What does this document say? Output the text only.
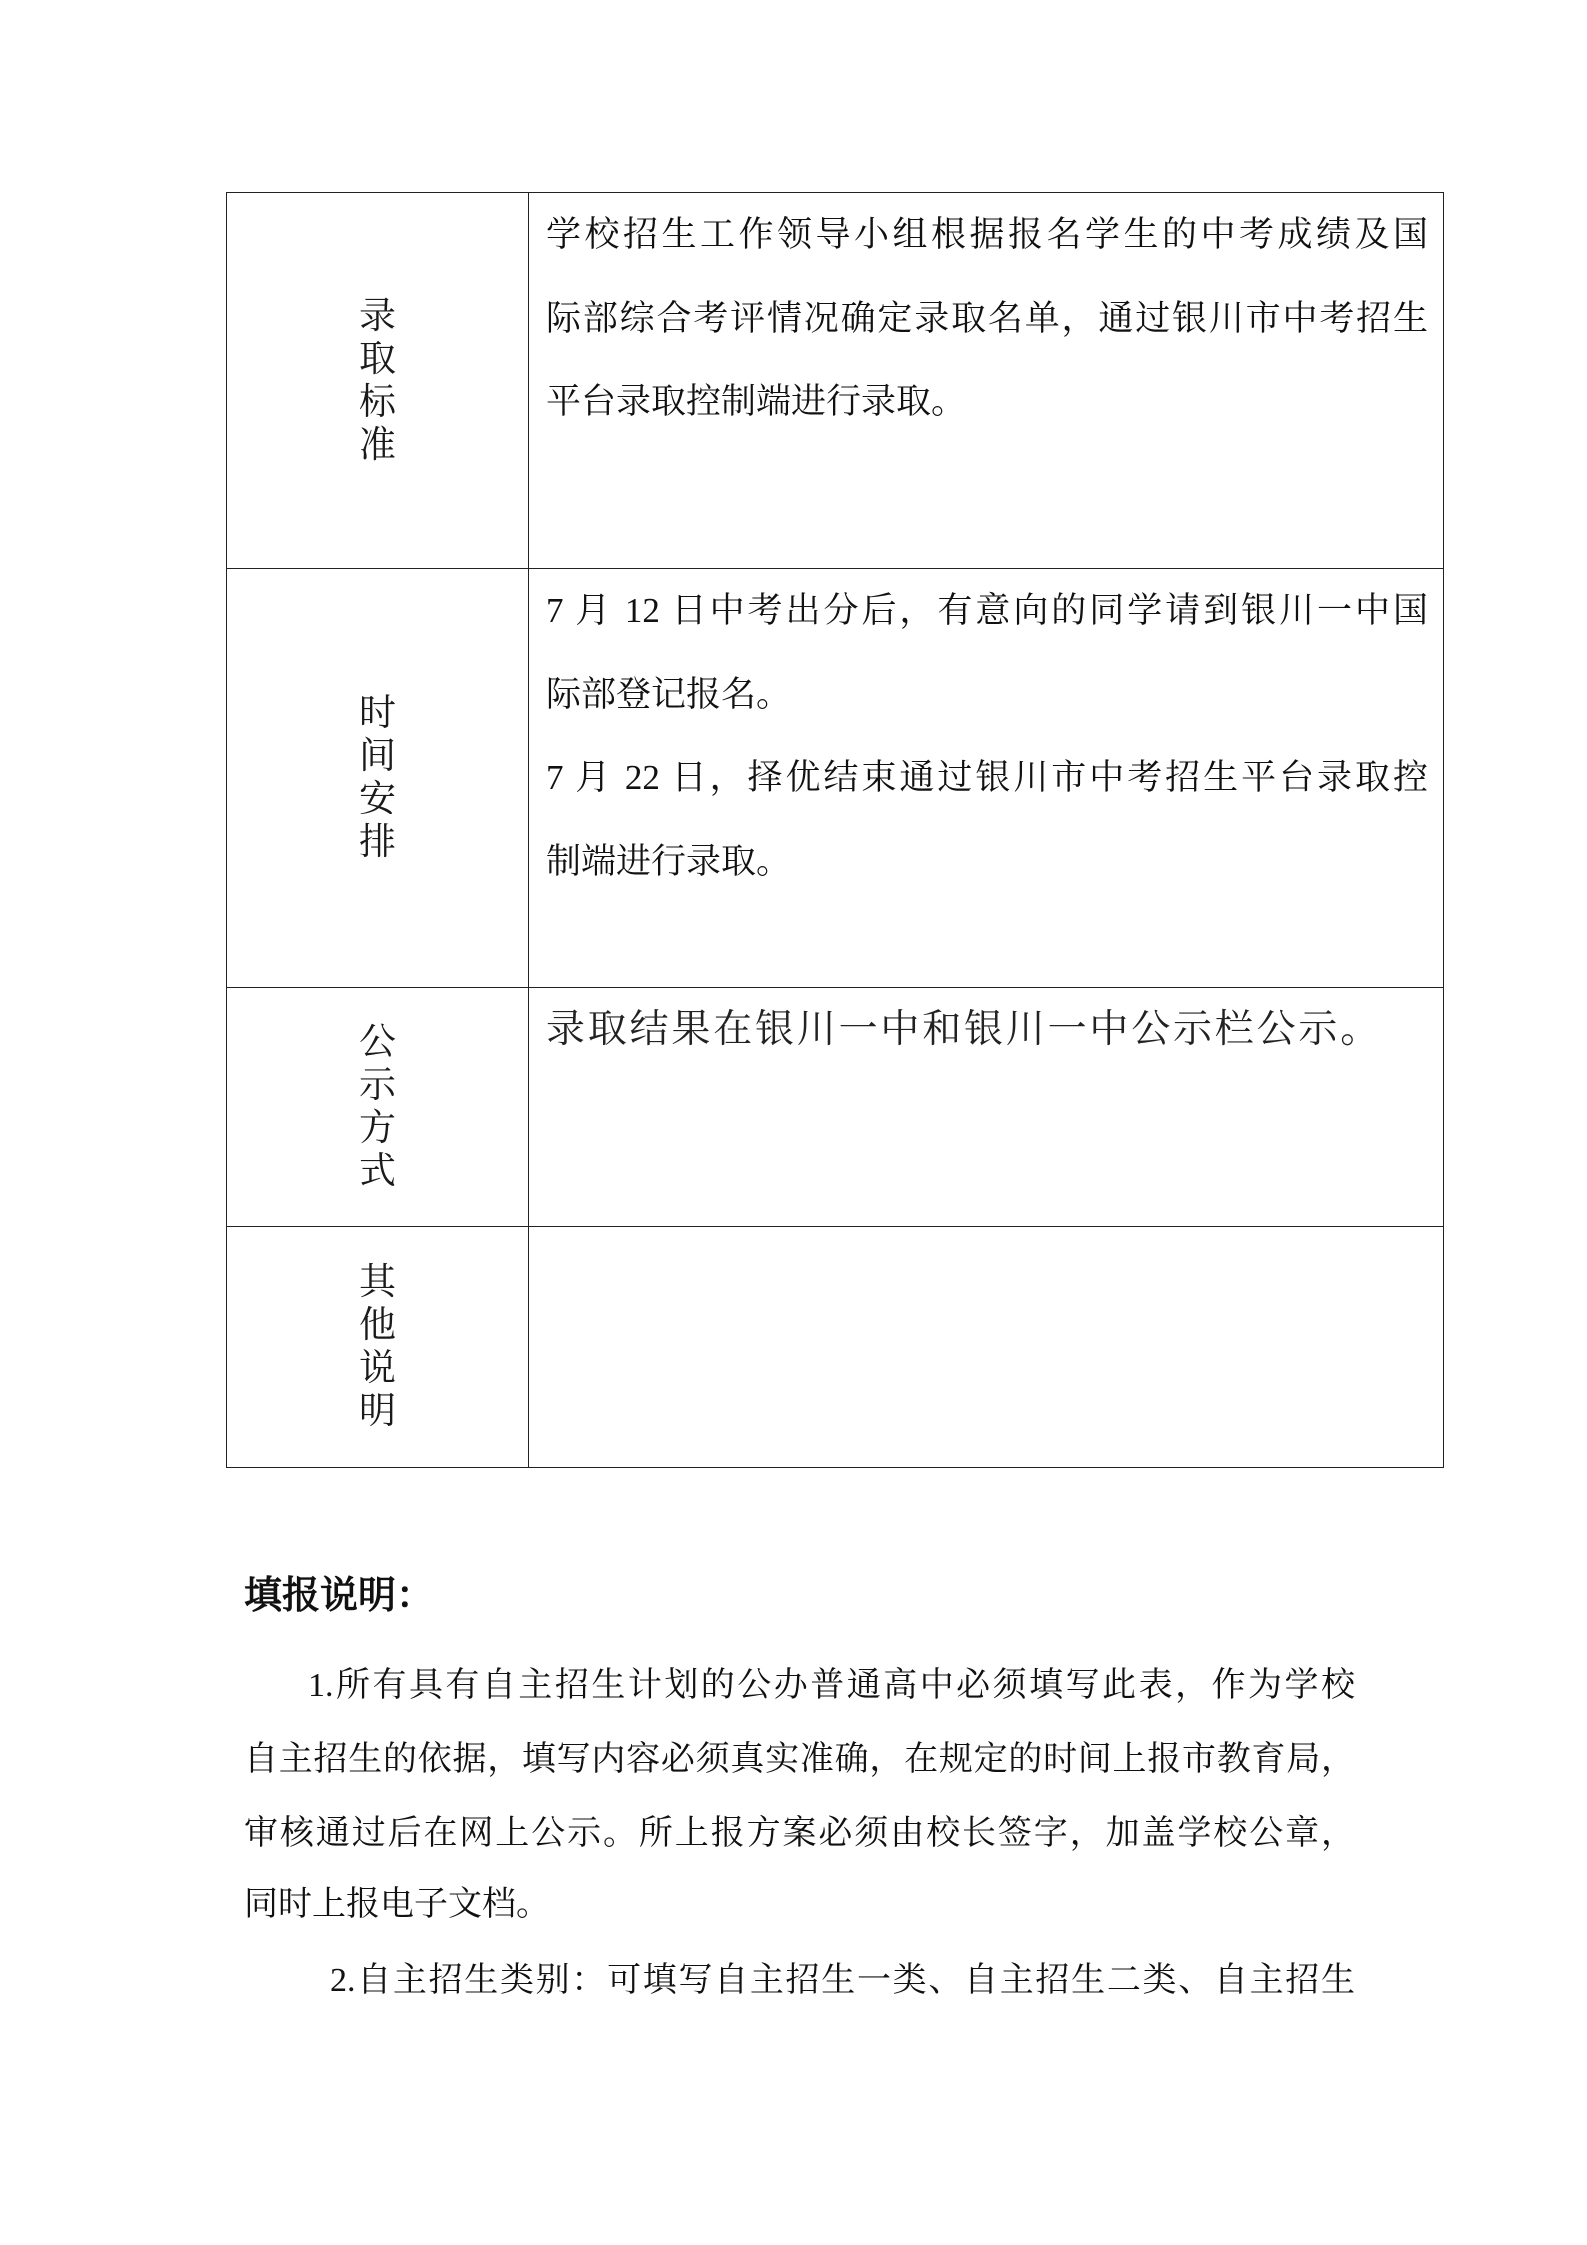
录取标准
学校招生工作领导小组根据报名学生的中考成绩及国
际部综合考评情况确定录取名单，通过银川市中考招生
平台录取控制端进行录取。
时间安排
7 月 12 日中考出分后，有意向的同学请到银川一中国
际部登记报名。
7 月 22 日，择优结束通过银川市中考招生平台录取控
制端进行录取。
公示方式
录取结果在银川一中和银川一中公示栏公示。
其他说明
填报说明：
1.所有具有自主招生计划的公办普通高中必须填写此表，作为学校
自主招生的依据，填写内容必须真实准确，在规定的时间上报市教育局，
审核通过后在网上公示。所上报方案必须由校长签字，加盖学校公章，
同时上报电子文档。
2.自主招生类别：可填写自主招生一类、自主招生二类、自主招生
